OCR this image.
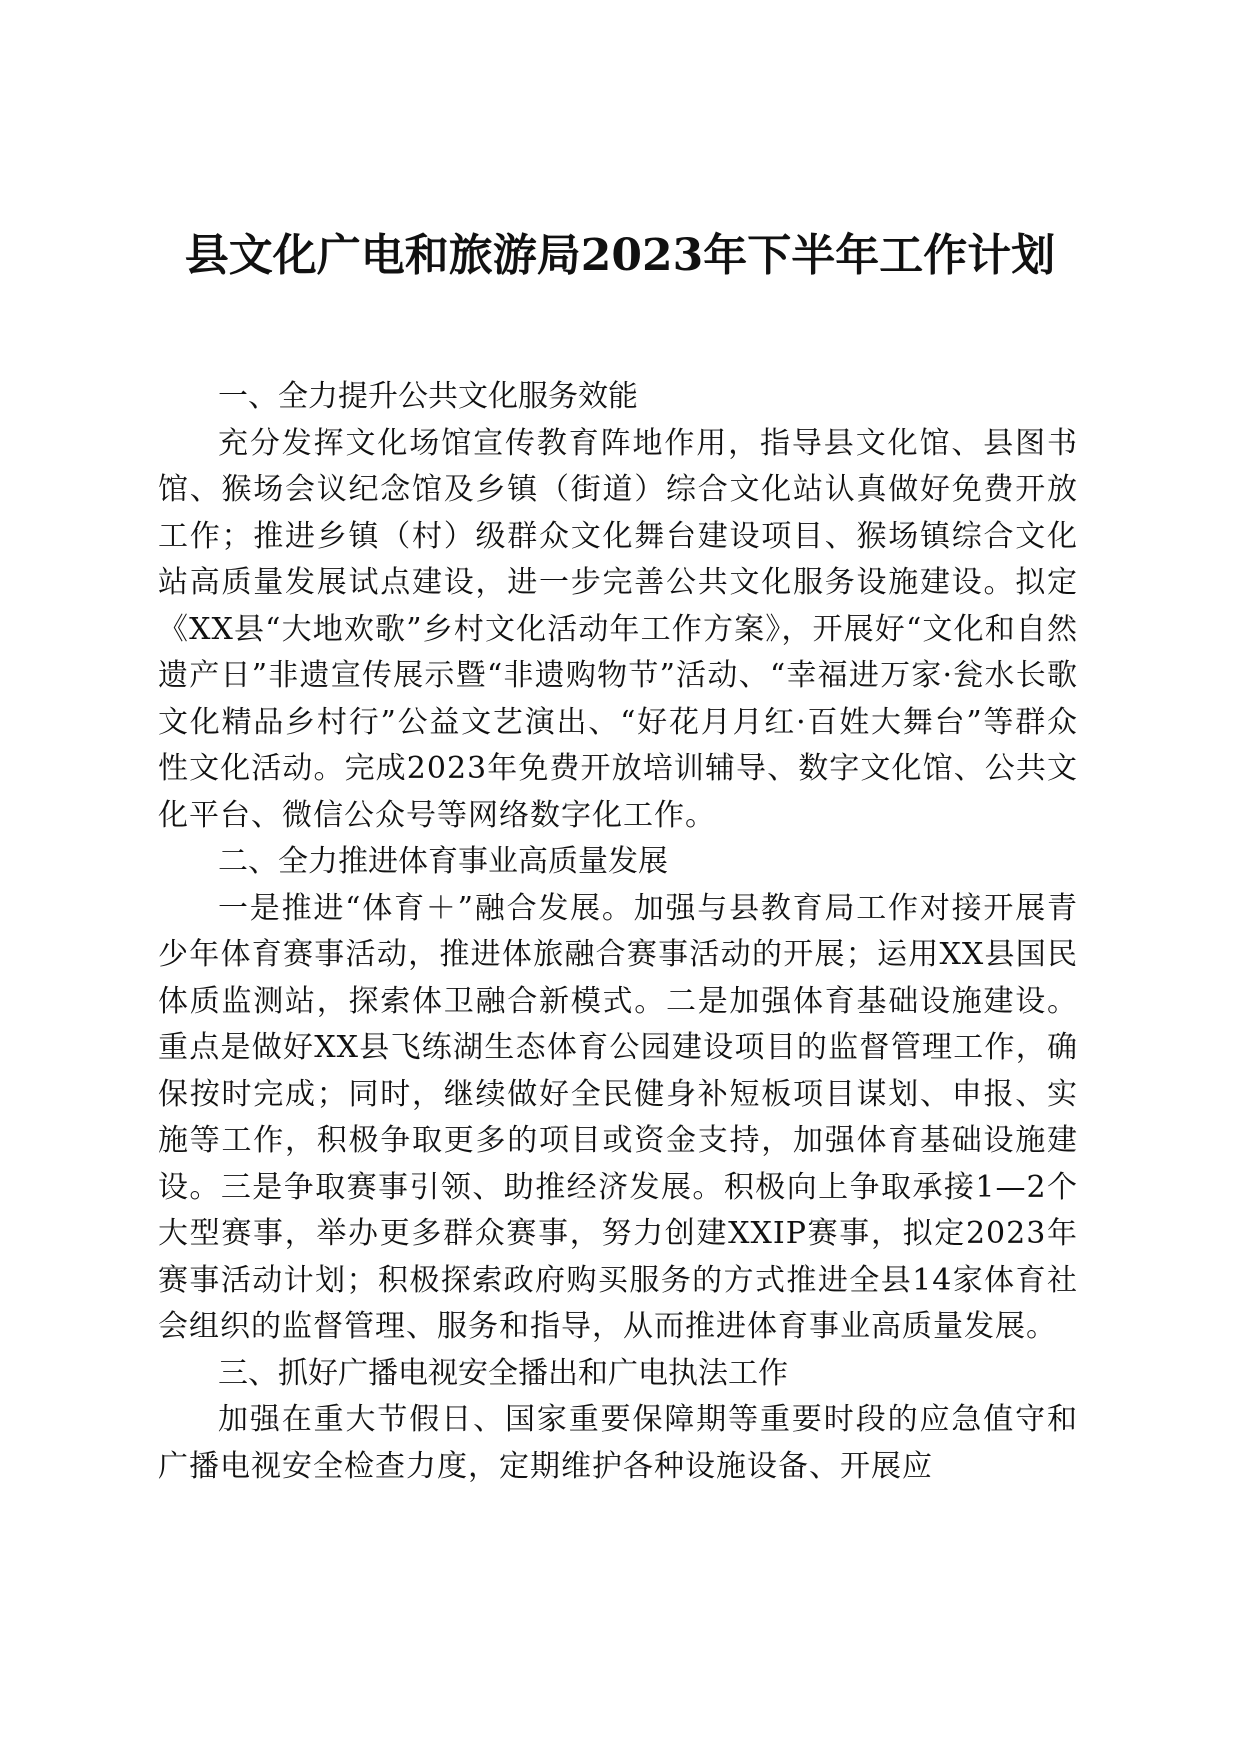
县文化广电和旅游局2023年下半年工作计划

一、全力提升公共文化服务效能

充分发挥文化场馆宣传教育阵地作用，指导县文化馆、县图书馆、猴场会议纪念馆及乡镇（街道）综合文化站认真做好免费开放工作；推进乡镇（村）级群众文化舞台建设项目、猴场镇综合文化站高质量发展试点建设，进一步完善公共文化服务设施建设。拟定《XX县“大地欢歌”乡村文化活动年工作方案》，开展好“文化和自然遗产日”非遗宣传展示暨“非遗购物节”活动、“幸福进万家·瓮水长歌文化精品乡村行”公益文艺演出、“好花月月红·百姓大舞台”等群众性文化活动。完成2023年免费开放培训辅导、数字文化馆、公共文化平台、微信公众号等网络数字化工作。

二、全力推进体育事业高质量发展

一是推进“体育＋”融合发展。加强与县教育局工作对接开展青少年体育赛事活动，推进体旅融合赛事活动的开展；运用XX县国民体质监测站，探索体卫融合新模式。二是加强体育基础设施建设。重点是做好XX县飞练湖生态体育公园建设项目的监督管理工作，确保按时完成；同时，继续做好全民健身补短板项目谋划、申报、实施等工作，积极争取更多的项目或资金支持，加强体育基础设施建设。三是争取赛事引领、助推经济发展。积极向上争取承接1—2个大型赛事，举办更多群众赛事，努力创建XXIP赛事，拟定2023年赛事活动计划；积极探索政府购买服务的方式推进全县14家体育社会组织的监督管理、服务和指导，从而推进体育事业高质量发展。

三、抓好广播电视安全播出和广电执法工作

加强在重大节假日、国家重要保障期等重要时段的应急值守和广播电视安全检查力度，定期维护各种设施设备、开展应
